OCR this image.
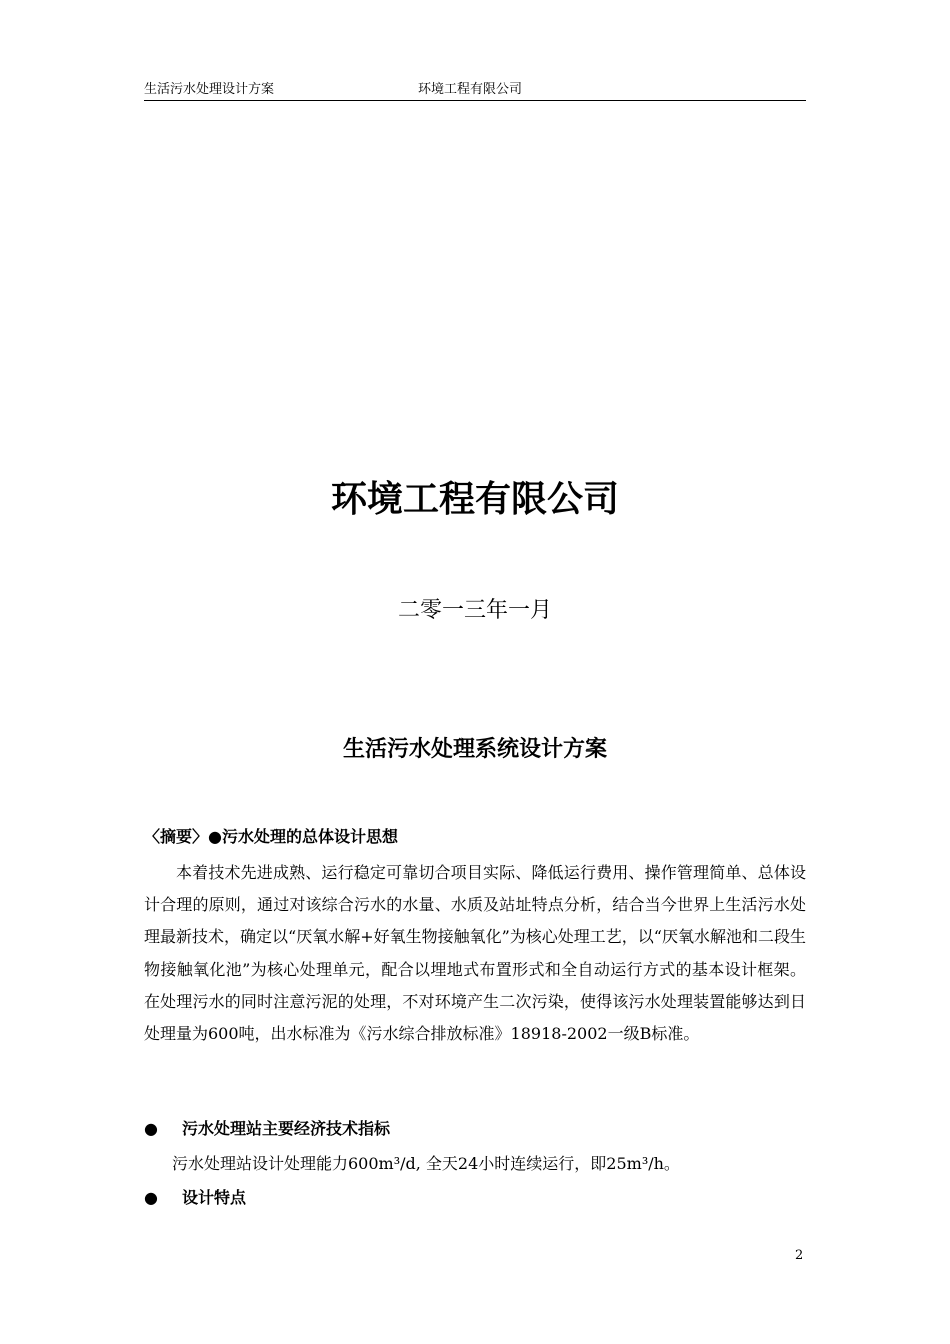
生活污水处理设计方案	环境工程有限公司
环境工程有限公司
二零一三年一月
生活污水处理系统设计方案
〈摘要〉●污水处理的总体设计思想
本着技术先进成熟、运行稳定可靠切合项目实际、降低运行费用、操作管理简单、总体设计合理的原则，通过对该综合污水的水量、水质及站址特点分析，结合当今世界上生活污水处理最新技术，确定以“厌氧水解+好氧生物接触氧化”为核心处理工艺，以“厌氧水解池和二段生物接触氧化池”为核心处理单元，配合以埋地式布置形式和全自动运行方式的基本设计框架。在处理污水的同时注意污泥的处理，不对环境产生二次污染，使得该污水处理装置能够达到日处理量为600吨，出水标准为《污水综合排放标准》18918-2002一级B标准。
● 污水处理站主要经济技术指标
污水处理站设计处理能力600m³/d, 全天24小时连续运行，即25m³/h。
● 设计特点
2
